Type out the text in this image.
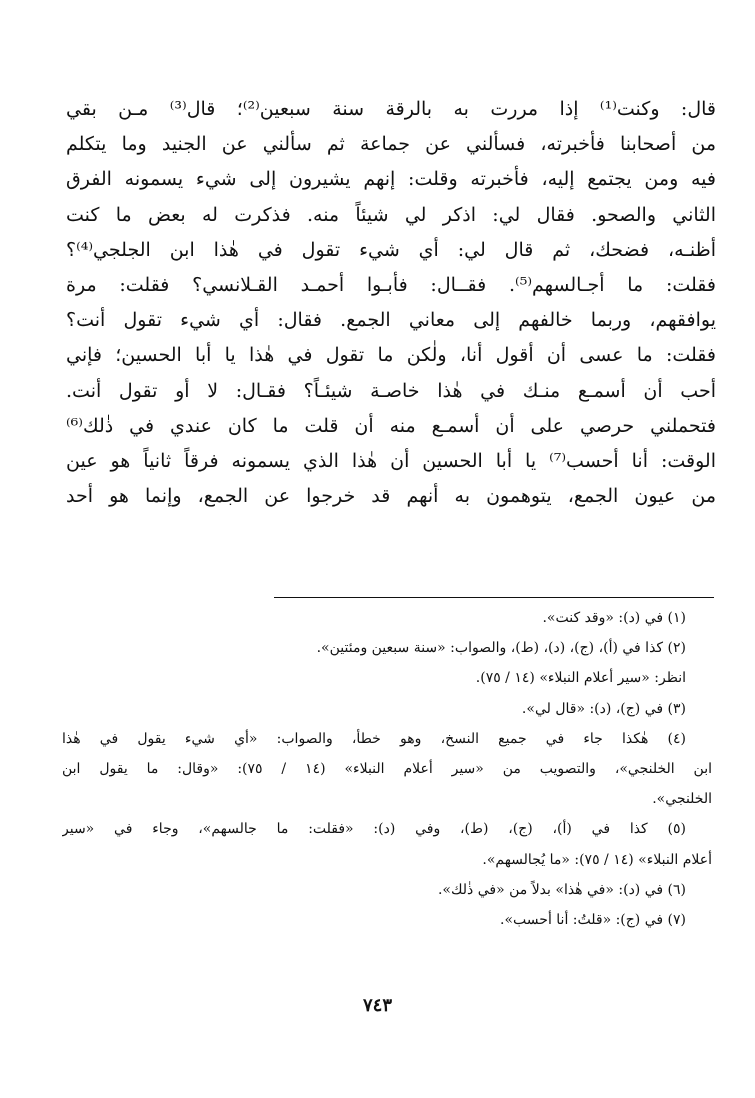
قال: وكنت⁽¹⁾ إذا مررت به بالرقة سنة سبعين⁽²⁾؛ قال⁽³⁾ مـن بقي
من أصحابنا فأخبرته، فسألني عن جماعة ثم سألني عن الجنيد وما يتكلم
فيه ومن يجتمع إليه، فأخبرته وقلت: إنهم يشيرون إلى شيء يسمونه الفرق
الثاني والصحو. فقال لي: اذكر لي شيئاً منه. فذكرت له بعض ما كنت
أظنـه، فضحك، ثم قال لي: أي شيء تقول في هٰذا ابن الجلجي⁽⁴⁾؟
فقلت: ما أجـالسهم⁽⁵⁾. فقــال: فأبـوا أحمـد القـلانسي؟ فقلت: مرة
يوافقهم، وربما خالفهم إلى معاني الجمع. فقال: أي شيء تقول أنت؟
فقلت: ما عسى أن أقول أنا، ولٰكن ما تقول في هٰذا يا أبا الحسين؛ فإني
أحب أن أسمـع منـك في هٰذا خاصـة شيئـاً؟ فقـال: لا أو تقول أنت.
فتحملني حرصي على أن أسمـع منه أن قلت ما كان عندي في ذٰلك⁽⁶⁾
الوقت: أنا أحسب⁽⁷⁾ يا أبا الحسين أن هٰذا الذي يسمونه فرقاً ثانياً هو عين
من عيون الجمع، يتوهمون به أنهم قد خرجوا عن الجمع، وإنما هو أحد
(١) في (د): «وقد كنت».
(٢) كذا في (أ)، (ج)، (د)، (ط)، والصواب: «سنة سبعين ومئتين».
انظر: «سير أعلام النبلاء» (١٤ / ٧٥).
(٣) في (ج)، (د): «قال لي».
(٤) هٰكذا جاء في جميع النسخ، وهو خطأ، والصواب: «أي شيء يقول في هٰذا
ابن الخلنجي»، والتصويب من «سير أعلام النبلاء» (١٤ / ٧٥): «وقال: ما يقول ابن
الخلنجي».
(٥) كذا في (أ)، (ج)، (ط)، وفي (د): «فقلت: ما جالسهم»، وجاء في «سير
أعلام النبلاء» (١٤ / ٧٥): «ما يُجالسهم».
(٦) في (د): «في هٰذا» بدلاً من «في ذٰلك».
(٧) في (ج): «قلتُ: أنا أحسب».
٧٤٣
